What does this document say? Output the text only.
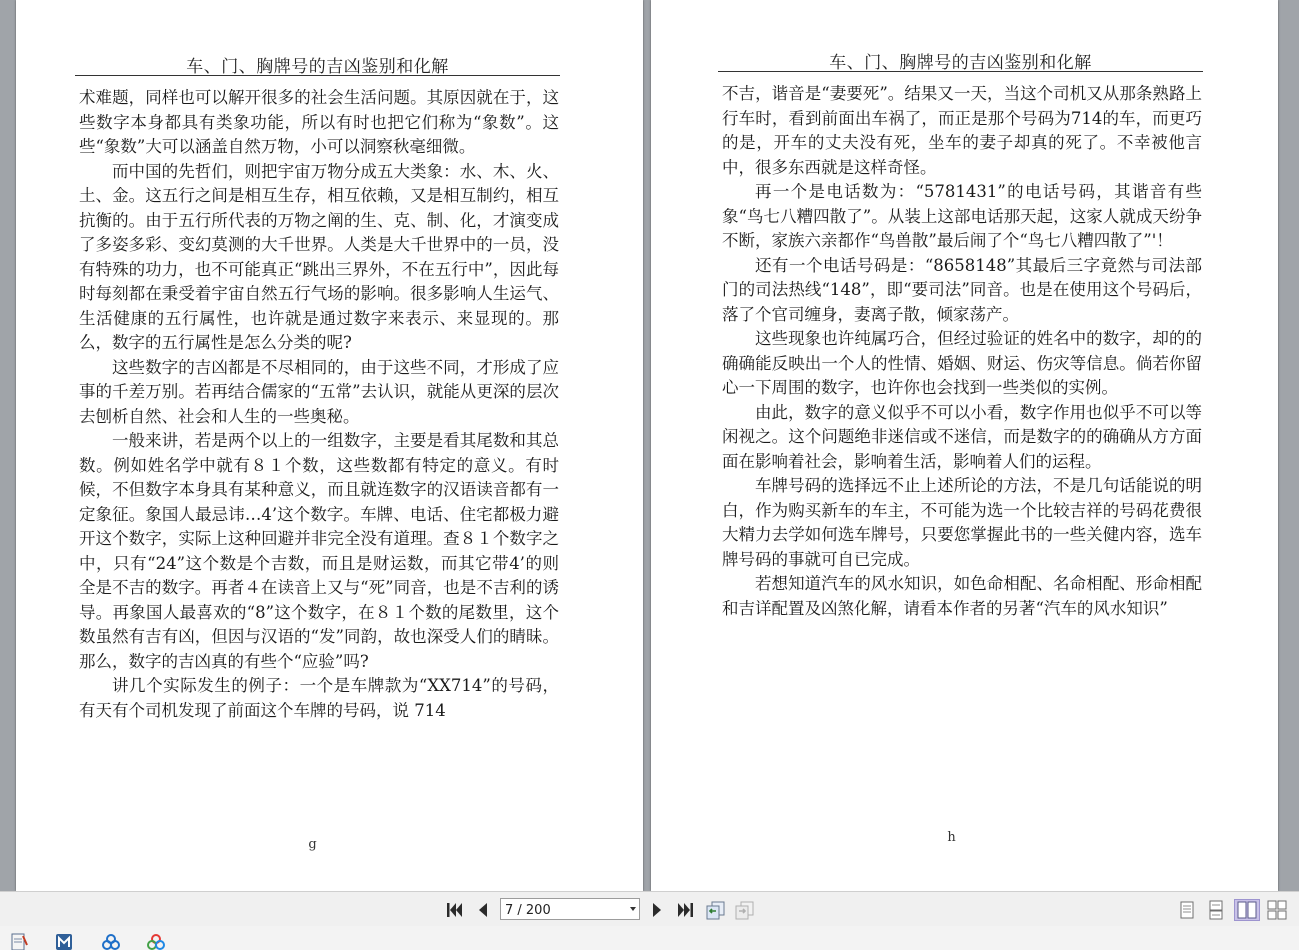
车、门、胸牌号的吉凶鉴别和化解

术难题，同样也可以解开很多的社会生活问题。其原因就在于，这些数字本身都具有类象功能，所以有时也把它们称为“象数”。这些“象数”大可以涵盖自然万物，小可以洞察秋毫细微。

而中国的先哲们，则把宇宙万物分成五大类象：水、木、火、土、金。这五行之间是相互生存，相互依赖，又是相互制约，相互抗衡的。由于五行所代表的万物之阐的生、克、制、化，才演变成了多姿多彩、变幻莫测的大千世界。人类是大千世界中的一员，没有特殊的功力，也不可能真正“跳出三界外，不在五行中”，因此每时每刻都在秉受着宇宙自然五行气场的影响。很多影响人生运气、生活健康的五行属性，也许就是通过数字来表示、来显现的。那么，数字的五行属性是怎么分类的呢?

这些数字的吉凶都是不尽相同的，由于这些不同，才形成了应事的千差万别。若再结合儒家的“五常”去认识，就能从更深的层次去刨析自然、社会和人生的一些奥秘。

一般来讲，若是两个以上的一组数字，主要是看其尾数和其总数。例如姓名学中就有８１个数，这些数都有特定的意义。有时候，不但数字本身具有某种意义，而且就连数字的汉语读音都有一定象征。象国人最忌讳…4’这个数字。车牌、电话、住宅都极力避开这个数字，实际上这种回避并非完全没有道理。查８１个数字之中，只有“24”这个数是个吉数，而且是财运数，而其它带4’的则全是不吉的数字。再者４在读音上又与“死”同音，也是不吉利的诱导。再象国人最喜欢的“8”这个数字，在８１个数的尾数里，这个数虽然有吉有凶，但因与汉语的“发”同韵，故也深受人们的睛昧。那么，数字的吉凶真的有些个“应验”吗?

讲几个实际发生的例子：一个是车牌款为“XX714”的号码，有天有个司机发现了前面这个车牌的号码，说 714

g
车、门、胸牌号的吉凶鉴别和化解

不吉，谐音是“妻要死”。结果又一天，当这个司机又从那条熟路上行车时，看到前面出车祸了，而正是那个号码为714的车，而更巧的是，开车的丈夫没有死，坐车的妻子却真的死了。不幸被他言中，很多东西就是这样奇怪。

再一个是电话数为：“5781431”的电话号码，其谐音有些象“鸟七八糟四散了”。从装上这部电话那天起，这家人就成天纷争不断，家族六亲都作“鸟兽散”最后闹了个“鸟七八糟四散了”'！

还有一个电话号码是：“8658148”其最后三字竟然与司法部门的司法热线“148”，即“要司法”同音。也是在使用这个号码后，落了个官司缠身，妻离子散，倾家荡产。

这些现象也许纯属巧合，但经过验证的姓名中的数字，却的的确确能反映出一个人的性情、婚姻、财运、伤灾等信息。倘若你留心一下周围的数字，也许你也会找到一些类似的实例。

由此，数字的意义似乎不可以小看，数字作用也似乎不可以等闲视之。这个问题绝非迷信或不迷信，而是数字的的确确从方方面面在影响着社会，影响着生活，影响着人们的运程。

车牌号码的选择远不止上述所论的方法，不是几句话能说的明白，作为购买新车的车主，不可能为选一个比较吉祥的号码花费很大精力去学如何选车牌号，只要您掌握此书的一些关健内容，选车牌号码的事就可自已完成。

若想知道汽车的风水知识，如色命相配、名命相配、形命相配和吉详配置及凶煞化解，请看本作者的另著“汽车的风水知识”

h
7 / 200
